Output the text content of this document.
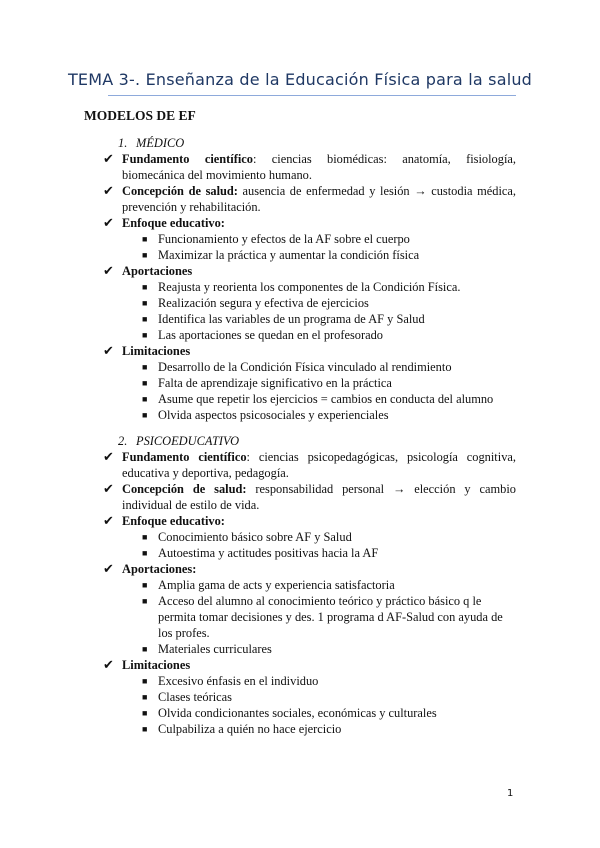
TEMA 3-. Enseñanza de la Educación Física para la salud
MODELOS DE EF
1. MÉDICO
✔ Fundamento científico: ciencias biomédicas: anatomía, fisiología, biomecánica del movimiento humano.
✔ Concepción de salud: ausencia de enfermedad y lesión → custodia médica, prevención y rehabilitación.
✔ Enfoque educativo:
■ Funcionamiento y efectos de la AF sobre el cuerpo
■ Maximizar la práctica y aumentar la condición física
✔ Aportaciones
■ Reajusta y reorienta los componentes de la Condición Física.
■ Realización segura y efectiva de ejercicios
■ Identifica las variables de un programa de AF y Salud
■ Las aportaciones se quedan en el profesorado
✔ Limitaciones
■ Desarrollo de la Condición Física vinculado al rendimiento
■ Falta de aprendizaje significativo en la práctica
■ Asume que repetir los ejercicios = cambios en conducta del alumno
■ Olvida aspectos psicosociales y experienciales
2. PSICOEDUCATIVO
✔ Fundamento científico: ciencias psicopedagógicas, psicología cognitiva, educativa y deportiva, pedagogía.
✔ Concepción de salud: responsabilidad personal → elección y cambio individual de estilo de vida.
✔ Enfoque educativo:
■ Conocimiento básico sobre AF y Salud
■ Autoestima y actitudes positivas hacia la AF
✔ Aportaciones:
■ Amplia gama de acts y experiencia satisfactoria
■ Acceso del alumno al conocimiento teórico y práctico básico q le permita tomar decisiones y des. 1 programa d AF-Salud con ayuda de los profes.
■ Materiales curriculares
✔ Limitaciones
■ Excesivo énfasis en el individuo
■ Clases teóricas
■ Olvida condicionantes sociales, económicas y culturales
■ Culpabiliza a quién no hace ejercicio
1
